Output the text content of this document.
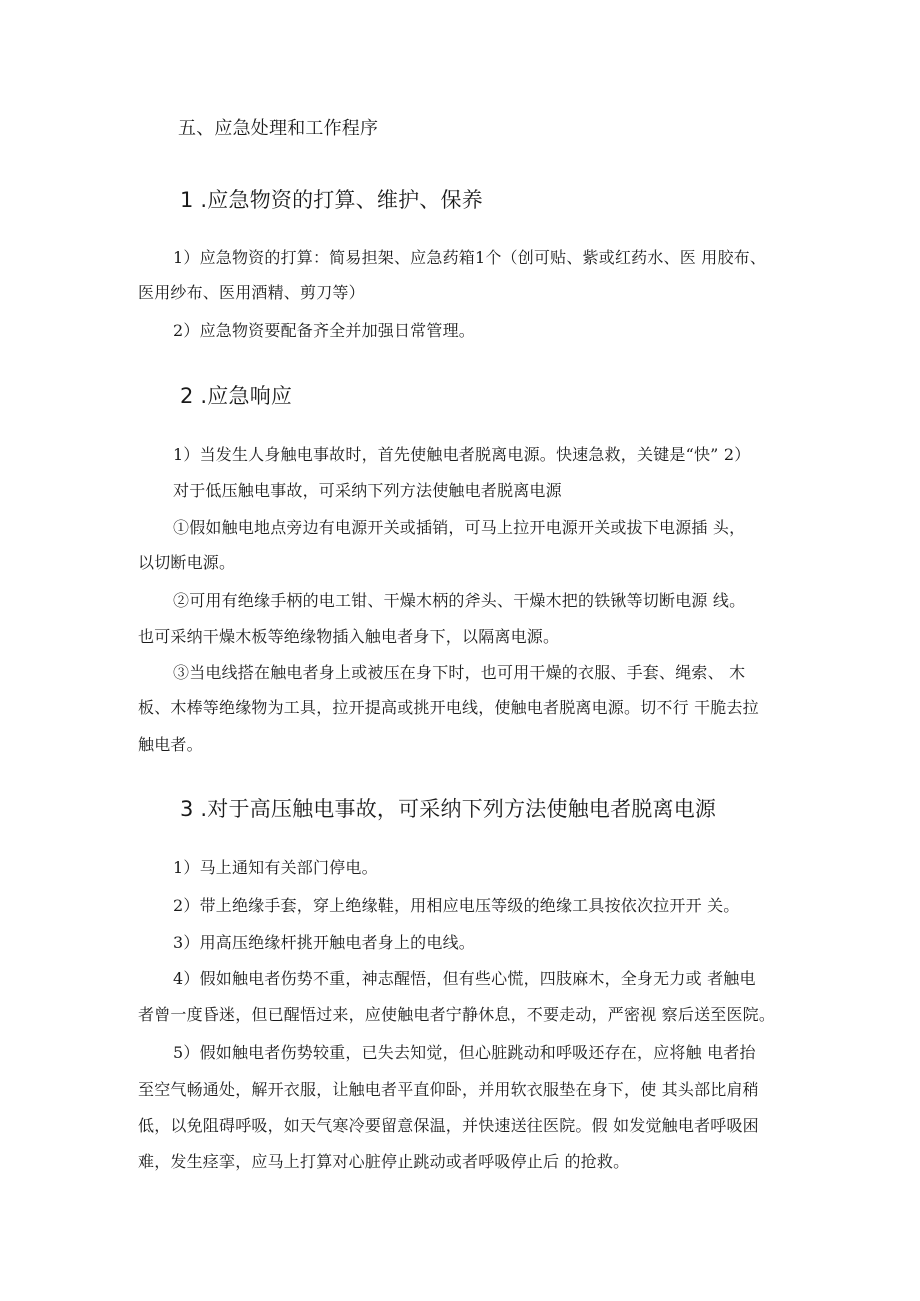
五、应急处理和工作程序
1 .应急物资的打算、维护、保养
1）应急物资的打算：简易担架、应急药箱1个（创可贴、紫或红药水、医 用胶布、
医用纱布、医用酒精、剪刀等）
2）应急物资要配备齐全并加强日常管理。
2 .应急响应
1）当发生人身触电事故时，首先使触电者脱离电源。快速急救，关键是“快” 2）
对于低压触电事故，可采纳下列方法使触电者脱离电源
①假如触电地点旁边有电源开关或插销，可马上拉开电源开关或拔下电源插 头，
以切断电源。
②可用有绝缘手柄的电工钳、干燥木柄的斧头、干燥木把的铁锹等切断电源 线。
也可采纳干燥木板等绝缘物插入触电者身下，以隔离电源。
③当电线搭在触电者身上或被压在身下时，也可用干燥的衣服、手套、绳索、 木
板、木棒等绝缘物为工具，拉开提高或挑开电线，使触电者脱离电源。切不行 干脆去拉
触电者。
3 .对于高压触电事故，可采纳下列方法使触电者脱离电源
1）马上通知有关部门停电。
2）带上绝缘手套，穿上绝缘鞋，用相应电压等级的绝缘工具按依次拉开开 关。
3）用高压绝缘杆挑开触电者身上的电线。
4）假如触电者伤势不重，神志醒悟，但有些心慌，四肢麻木，全身无力或 者触电
者曾一度昏迷，但已醒悟过来，应使触电者宁静休息，不要走动，严密视 察后送至医院。
5）假如触电者伤势较重，已失去知觉，但心脏跳动和呼吸还存在，应将触 电者抬
至空气畅通处，解开衣服，让触电者平直仰卧，并用软衣服垫在身下，使 其头部比肩稍
低，以免阻碍呼吸，如天气寒冷要留意保温，并快速送往医院。假 如发觉触电者呼吸困
难，发生痉挛，应马上打算对心脏停止跳动或者呼吸停止后 的抢救。
